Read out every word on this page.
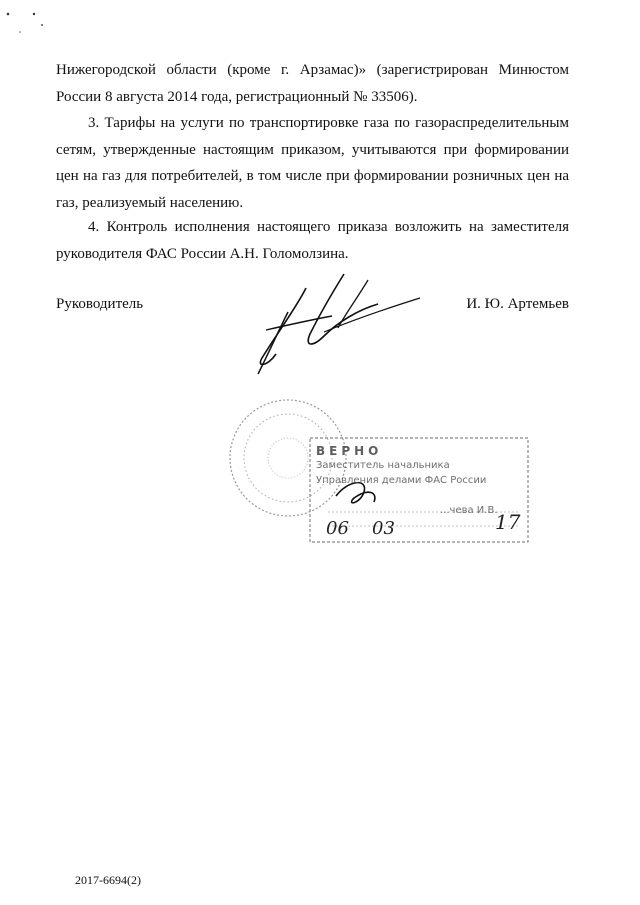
Нижегородской области (кроме г. Арзамас)» (зарегистрирован Минюстом России 8 августа 2014 года, регистрационный № 33506).
3. Тарифы на услуги по транспортировке газа по газораспределительным сетям, утвержденные настоящим приказом, учитываются при формировании цен на газ для потребителей, в том числе при формировании розничных цен на газ, реализуемый населению.
4. Контроль исполнения настоящего приказа возложить на заместителя руководителя ФАС России А.Н. Голомолзина.
Руководитель	И. Ю. Артемьев
ВЕРНО
Заместитель начальника
Управления делами ФАС России
...чева И.В.
06 03	17
2017-6694(2)
